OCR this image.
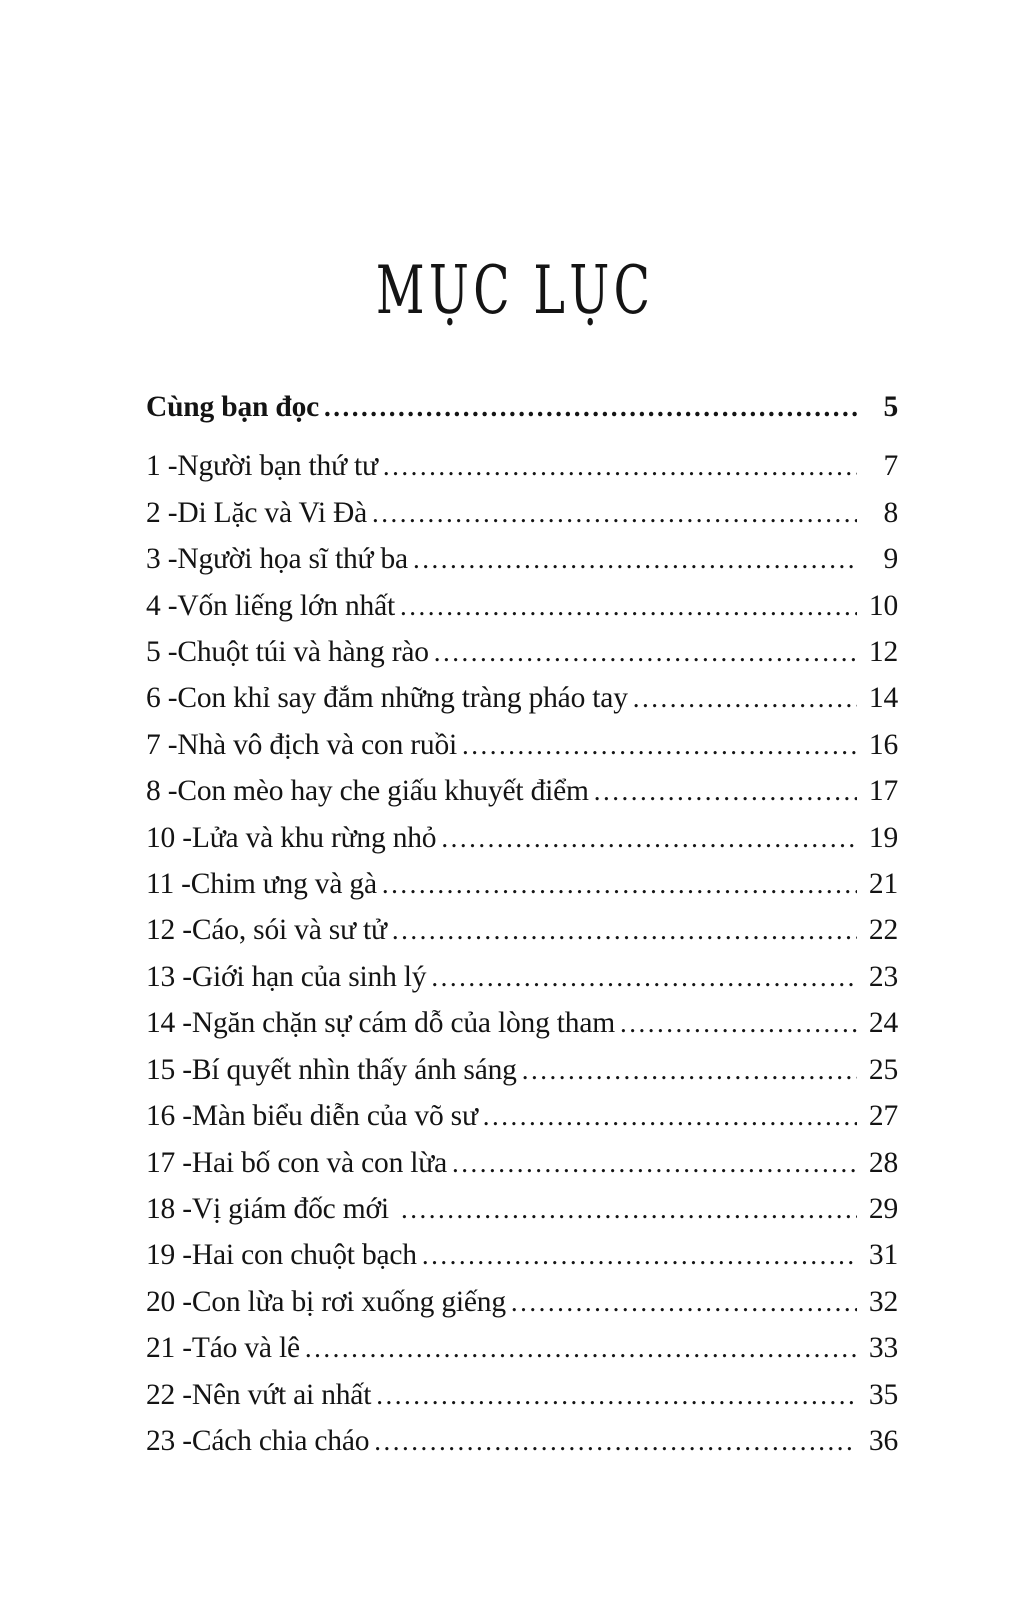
MỤC LỤC
Cùng bạn đọc .....	5
1 -Người bạn thứ tư .....	7
2 -Di Lặc và Vi Đà .....	8
3 -Người họa sĩ thứ ba .....	9
4 -Vốn liếng lớn nhất .....	10
5 -Chuột túi và hàng rào .....	12
6 -Con khỉ say đắm những tràng pháo tay .....	14
7 -Nhà vô địch và con ruồi .....	16
8 -Con mèo hay che giấu khuyết điểm .....	17
10 -Lửa và khu rừng nhỏ .....	19
11 -Chim ưng và gà .....	21
12 -Cáo, sói và sư tử .....	22
13 -Giới hạn của sinh lý .....	23
14 -Ngăn chặn sự cám dỗ của lòng tham .....	24
15 -Bí quyết nhìn thấy ánh sáng .....	25
16 -Màn biểu diễn của võ sư .....	27
17 -Hai bố con và con lừa .....	28
18 -Vị giám đốc mới .....	29
19 -Hai con chuột bạch .....	31
20 -Con lừa bị rơi xuống giếng .....	32
21 -Táo và lê .....	33
22 -Nên vứt ai nhất .....	35
23 -Cách chia cháo .....	36
